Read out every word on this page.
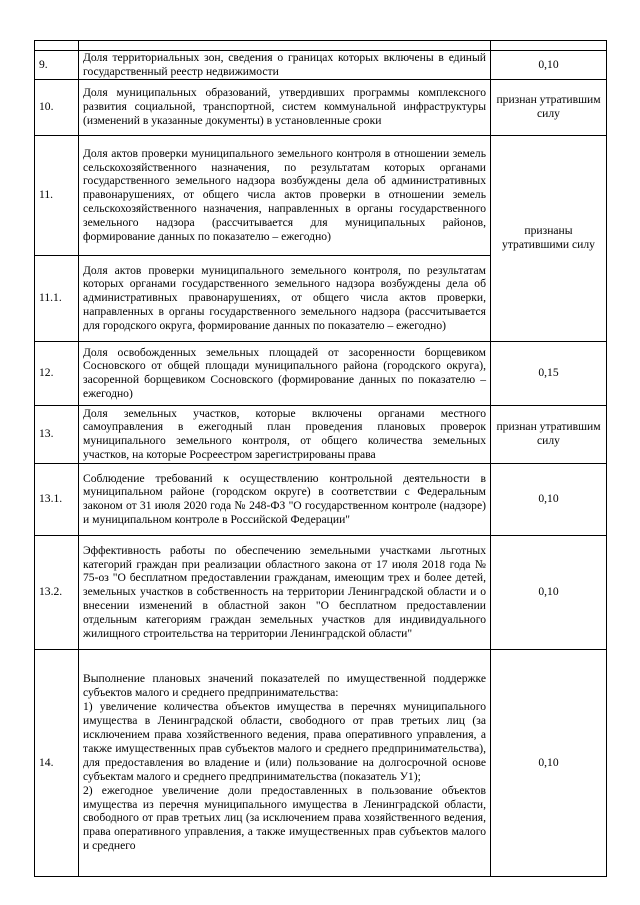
9.	Доля территориальных зон, сведения о границах которых включены в единый государственный реестр недвижимости	0,10
10.	Доля муниципальных образований, утвердивших программы комплексного развития социальной, транспортной, систем коммунальной инфраструктуры (изменений в указанные документы) в установленные сроки	признан утратившим силу
11.	Доля актов проверки муниципального земельного контроля в отношении земель сельскохозяйственного назначения, по результатам которых органами государственного земельного надзора возбуждены дела об административных правонарушениях, от общего числа актов проверки в отношении земель сельскохозяйственного назначения, направленных в органы государственного земельного надзора (рассчитывается для муниципальных районов, формирование данных по показателю – ежегодно)	признаны утратившими силу
11.1.	Доля актов проверки муниципального земельного контроля, по результатам которых органами государственного земельного надзора возбуждены дела об административных правонарушениях, от общего числа актов проверки, направленных в органы государственного земельного надзора (рассчитывается для городского округа, формирование данных по показателю – ежегодно)	
12.	Доля освобожденных земельных площадей от засоренности борщевиком Сосновского от общей площади муниципального района (городского округа), засоренной борщевиком Сосновского (формирование данных по показателю – ежегодно)	0,15
13.	Доля земельных участков, которые включены органами местного самоуправления в ежегодный план проведения плановых проверок муниципального земельного контроля, от общего количества земельных участков, на которые Росреестром зарегистрированы права	признан утратившим силу
13.1.	Соблюдение требований к осуществлению контрольной деятельности в муниципальном районе (городском округе) в соответствии с Федеральным законом от 31 июля 2020 года № 248-ФЗ "О государственном контроле (надзоре) и муниципальном контроле в Российской Федерации"	0,10
13.2.	Эффективность работы по обеспечению земельными участками льготных категорий граждан при реализации областного закона от 17 июля 2018 года № 75-оз "О бесплатном предоставлении гражданам, имеющим трех и более детей, земельных участков в собственность на территории Ленинградской области и о внесении изменений в областной закон "О бесплатном предоставлении отдельным категориям граждан земельных участков для индивидуального жилищного строительства на территории Ленинградской области"	0,10
14.	Выполнение плановых значений показателей по имущественной поддержке субъектов малого и среднего предпринимательства:

1) увеличение количества объектов имущества в перечнях муниципального имущества в Ленинградской области, свободного от прав третьих лиц (за исключением права хозяйственного ведения, права оперативного управления, а также имущественных прав субъектов малого и среднего предпринимательства), для предоставления во владение и (или) пользование на долгосрочной основе субъектам малого и среднего предпринимательства (показатель У1);

2) ежегодное увеличение доли предоставленных в пользование объектов имущества из перечня муниципального имущества в Ленинградской области, свободного от прав третьих лиц (за исключением права хозяйственного ведения, права оперативного управления, а также имущественных прав субъектов малого и среднего	0,10
